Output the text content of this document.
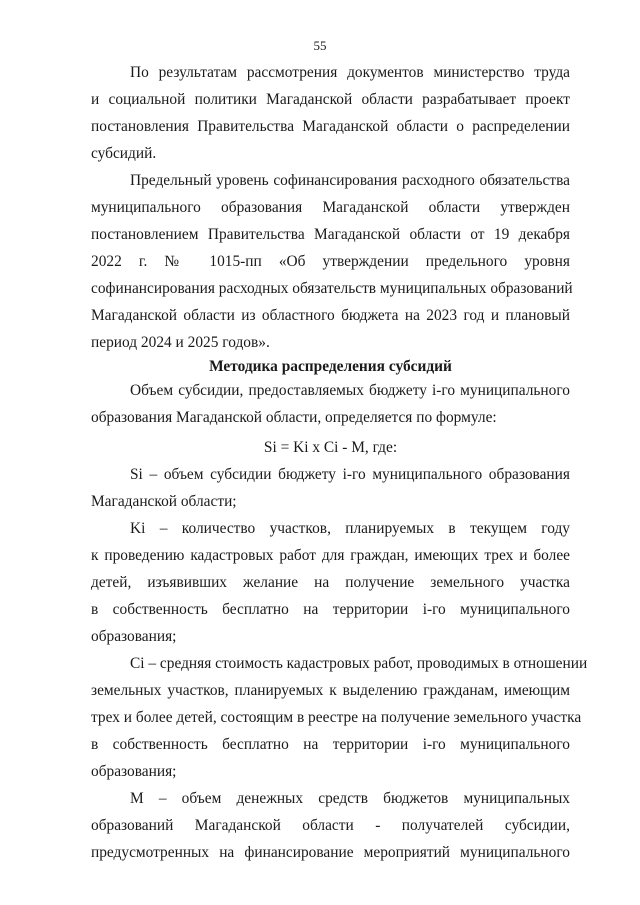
55
По результатам рассмотрения документов министерство труда
и социальной политики Магаданской области разрабатывает проект
постановления Правительства Магаданской области о распределении
субсидий.
Предельный уровень софинансирования расходного обязательства
муниципального образования Магаданской области утвержден
постановлением Правительства Магаданской области от 19 декабря
2022 г. № 1015-пп «Об утверждении предельного уровня
софинансирования расходных обязательств муниципальных образований
Магаданской области из областного бюджета на 2023 год и плановый
период 2024 и 2025 годов».
Методика распределения субсидий
Объем субсидии, предоставляемых бюджету i-го муниципального
образования Магаданской области, определяется по формуле:
Si = Ki x Ci - M, где:
Si – объем субсидии бюджету i-го муниципального образования
Магаданской области;
Ki – количество участков, планируемых в текущем году
к проведению кадастровых работ для граждан, имеющих трех и более
детей, изъявивших желание на получение земельного участка
в собственность бесплатно на территории i-го муниципального
образования;
Ci – средняя стоимость кадастровых работ, проводимых в отношении
земельных участков, планируемых к выделению гражданам, имеющим
трех и более детей, состоящим в реестре на получение земельного участка
в собственность бесплатно на территории i-го муниципального
образования;
M – объем денежных средств бюджетов муниципальных
образований Магаданской области - получателей субсидии,
предусмотренных на финансирование мероприятий муниципального
